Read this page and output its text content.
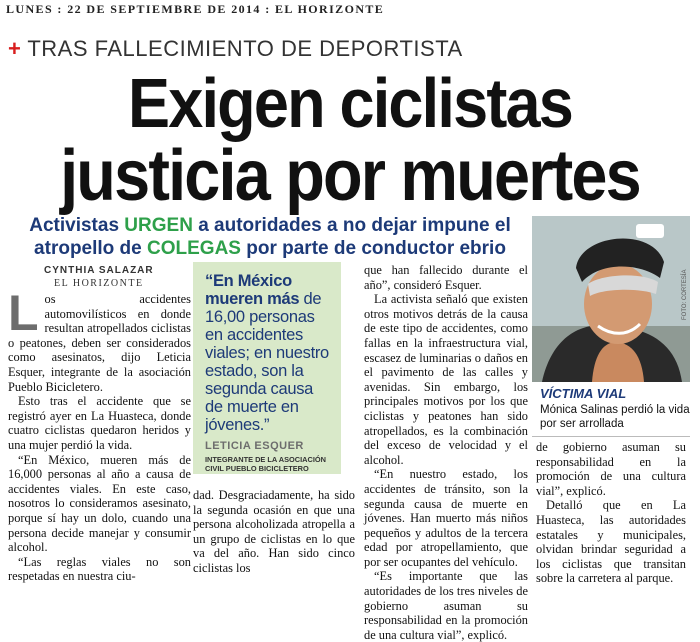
LUNES : 22 DE SEPTIEMBRE DE 2014 : EL HORIZONTE
+ TRAS FALLECIMIENTO DE DEPORTISTA
Exigen ciclistas
justicia por muertes
Activistas URGEN a autoridades a no dejar impune el atropello de COLEGAS por parte de conductor ebrio
CYNTHIA SALAZAR
EL HORIZONTE
L os accidentes automovilísticos en donde resultan atropellados ciclistas o peatones, deben ser considerados como asesinatos, dijo Leticia Esquer, integrante de la asociación Pueblo Bicicletero.

Esto tras el accidente que se registró ayer en La Huasteca, donde cuatro ciclistas quedaron heridos y una mujer perdió la vida.

“En México, mueren más de 16,000 personas al año a causa de accidentes viales. En este caso, nosotros lo consideramos asesinato, porque sí hay un dolo, cuando una persona decide manejar y consumir alcohol.

“Las reglas viales no son respetadas en nuestra ciu-

“En México mueren más de 16,00 personas en accidentes viales; en nuestro estado, son la segunda causa de muerte en jóvenes.”
LETICIA ESQUER
INTEGRANTE DE LA ASOCIACIÓN CIVIL PUEBLO BICICLETERO

dad. Desgraciadamente, ha sido la segunda ocasión en que una persona alcoholizada atropella a un grupo de ciclistas en lo que va del año. Han sido cinco ciclistas los

que han fallecido durante el año”, consideró Esquer.

La activista señaló que existen otros motivos detrás de la causa de este tipo de accidentes, como fallas en la infraestructura vial, escasez de luminarias o daños en el pavimento de las calles y avenidas. Sin embargo, los principales motivos por los que ciclistas y peatones han sido atropellados, es la combinación del exceso de velocidad y el alcohol.

“En nuestro estado, los accidentes de tránsito, son la segunda causa de muerte en jóvenes. Han muerto más niños pequeños y adultos de la tercera edad por atropellamiento, que por ser ocupantes del vehículo.

“Es importante que las autoridades de los tres niveles de gobierno asuman su responsabilidad en la promoción de una cultura vial”, explicó.

FOTO: CORTESÍA
VÍCTIMA VIAL
Mónica Salinas perdió la vida por ser arrollada

de gobierno asuman su responsabilidad en la promoción de una cultura vial”, explicó.

Detalló que en La Huasteca, las autoridades estatales y municipales, olvidan brindar seguridad a los ciclistas que transitan sobre la carretera al parque.
